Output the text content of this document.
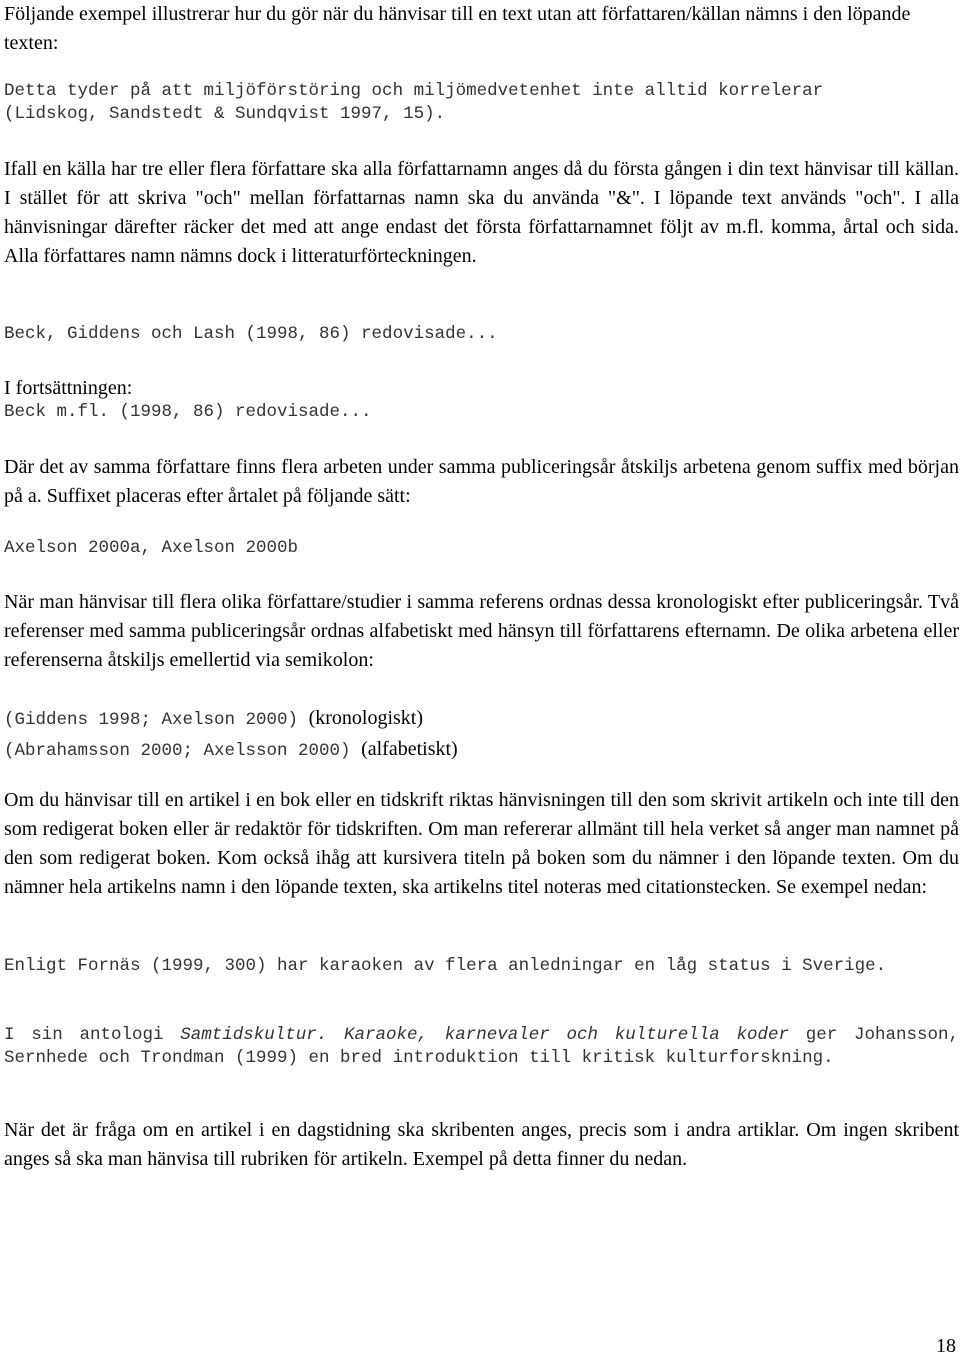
Följande exempel illustrerar hur du gör när du hänvisar till en text utan att författaren/källan nämns i den löpande texten:

Detta tyder på att miljöförstöring och miljömedvetenhet inte alltid korrelerar
(Lidskog, Sandstedt & Sundqvist 1997, 15).

Ifall en källa har tre eller flera författare ska alla författarnamn anges då du första gången i din text hänvisar till källan. I stället för att skriva "och" mellan författarnas namn ska du använda "&". I löpande text används "och". I alla hänvisningar därefter räcker det med att ange endast det första författarnamnet följt av m.fl. komma, årtal och sida. Alla författares namn nämns dock i litteraturförteckningen.

Beck, Giddens och Lash (1998, 86) redovisade...
I fortsättningen:
Beck m.fl. (1998, 86) redovisade...

Där det av samma författare finns flera arbeten under samma publiceringsår åtskiljs arbetena genom suffix med början på a. Suffixet placeras efter årtalet på följande sätt:

Axelson 2000a, Axelson 2000b

När man hänvisar till flera olika författare/studier i samma referens ordnas dessa kronologiskt efter publiceringsår. Två referenser med samma publiceringsår ordnas alfabetiskt med hänsyn till författarens efternamn. De olika arbetena eller referenserna åtskiljs emellertid via semikolon:

(Giddens 1998; Axelson 2000) (kronologiskt)
(Abrahamsson 2000; Axelsson 2000) (alfabetiskt)

Om du hänvisar till en artikel i en bok eller en tidskrift riktas hänvisningen till den som skrivit artikeln och inte till den som redigerat boken eller är redaktör för tidskriften. Om man refererar allmänt till hela verket så anger man namnet på den som redigerat boken. Kom också ihåg att kursivera titeln på boken som du nämner i den löpande texten. Om du nämner hela artikelns namn i den löpande texten, ska artikelns titel noteras med citationstecken. Se exempel nedan:

Enligt Fornäs (1999, 300) har karaoken av flera anledningar en låg status i Sverige.

I sin antologi Samtidskultur. Karaoke, karnevaler och kulturella koder ger Johansson, Sernhede och Trondman (1999) en bred introduktion till kritisk kulturforskning.

När det är fråga om en artikel i en dagstidning ska skribenten anges, precis som i andra artiklar. Om ingen skribent anges så ska man hänvisa till rubriken för artikeln. Exempel på detta finner du nedan.

18
